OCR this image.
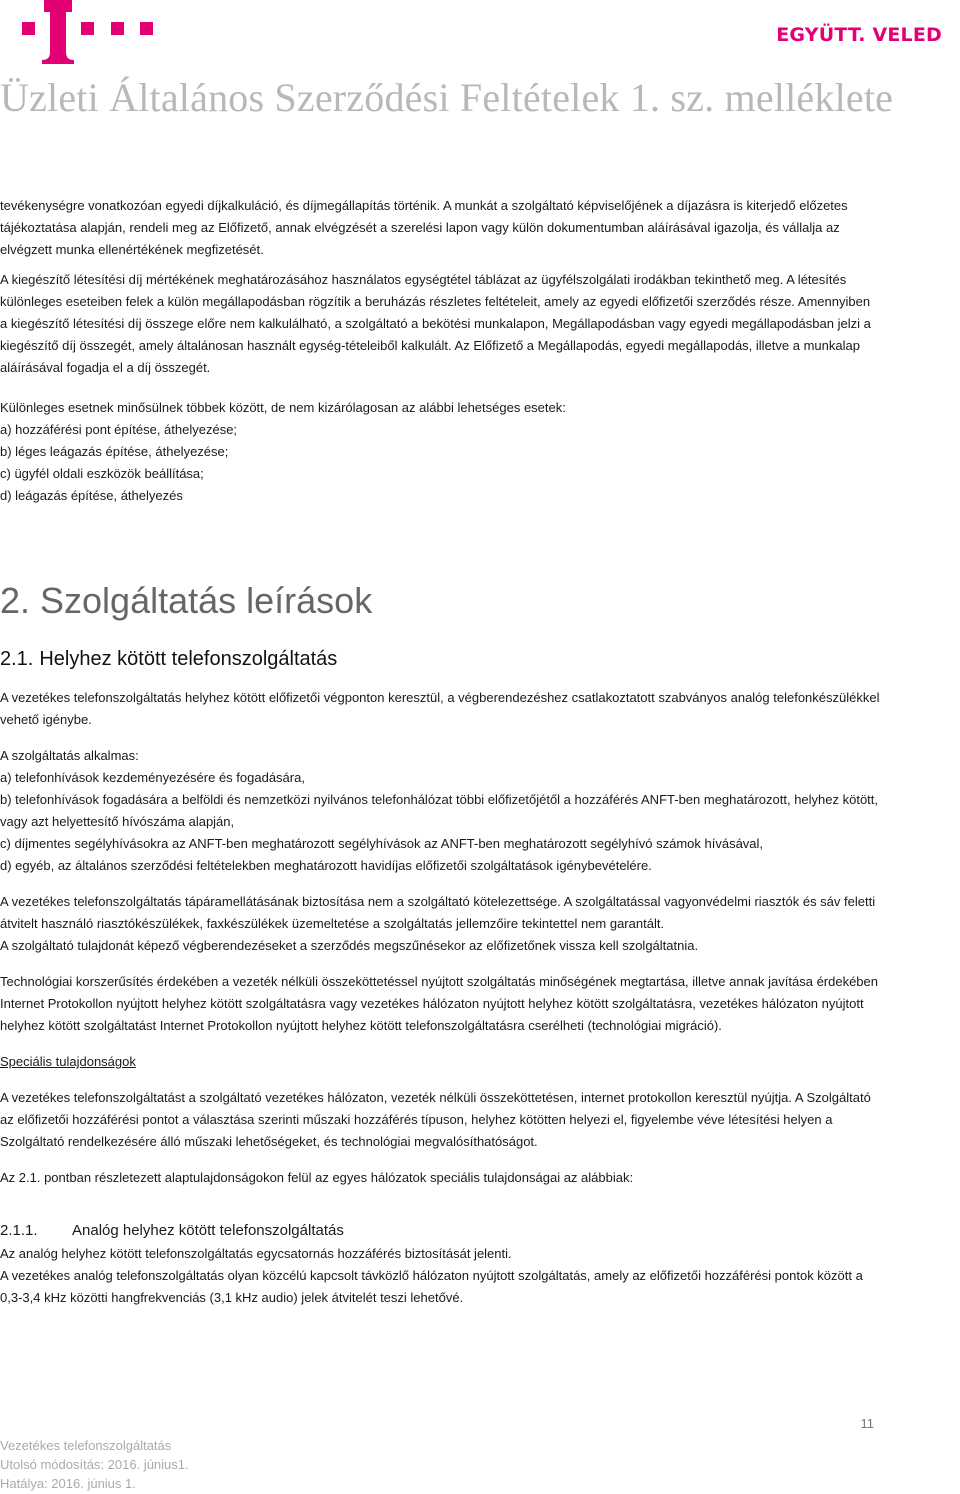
EGYÜTT. VELED
Üzleti Általános Szerződési Feltételek 1. sz. melléklete

tevékenységre vonatkozóan egyedi díjkalkuláció, és díjmegállapítás történik. A munkát a szolgáltató képviselőjének a díjazásra is kiterjedő előzetes tájékoztatása alapján, rendeli meg az Előfizető, annak elvégzését a szerelési lapon vagy külön dokumentumban aláírásával igazolja, és vállalja az elvégzett munka ellenértékének megfizetését.

A kiegészítő létesítési díj mértékének meghatározásához használatos egységtétel táblázat az ügyfélszolgálati irodákban tekinthető meg. A létesítés különleges eseteiben felek a külön megállapodásban rögzítik a beruházás részletes feltételeit, amely az egyedi előfizetői szerződés része. Amennyiben a kiegészítő létesítési díj összege előre nem kalkulálható, a szolgáltató a bekötési munkalapon, Megállapodásban vagy egyedi megállapodásban jelzi a kiegészítő díj összegét, amely általánosan használt egység-tételeiből kalkulált. Az Előfizető a Megállapodás, egyedi megállapodás, illetve a munkalap aláírásával fogadja el a díj összegét.

Különleges esetnek minősülnek többek között, de nem kizárólagosan az alábbi lehetséges esetek:

a) hozzáférési pont építése, áthelyezése;

b) léges leágazás építése, áthelyezése;

c) ügyfél oldali eszközök beállítása;

d) leágazás építése, áthelyezés

2. Szolgáltatás leírások

2.1. Helyhez kötött telefonszolgáltatás

A vezetékes telefonszolgáltatás helyhez kötött előfizetői végponton keresztül, a végberendezéshez csatlakoztatott szabványos analóg telefonkészülékkel vehető igénybe.

A szolgáltatás alkalmas:

a) telefonhívások kezdeményezésére és fogadására,

b) telefonhívások fogadására a belföldi és nemzetközi nyilvános telefonhálózat többi előfizetőjétől a hozzáférés ANFT-ben meghatározott, helyhez kötött, vagy azt helyettesítő hívószáma alapján,

c) díjmentes segélyhívásokra az ANFT-ben meghatározott segélyhívások az ANFT-ben meghatározott segélyhívó számok hívásával,

d) egyéb, az általános szerződési feltételekben meghatározott havidíjas előfizetői szolgáltatások igénybevételére.

A vezetékes telefonszolgáltatás tápáramellátásának biztosítása nem a szolgáltató kötelezettsége. A szolgáltatással vagyonvédelmi riasztók és sáv feletti átvitelt használó riasztókészülékek, faxkészülékek üzemeltetése a szolgáltatás jellemzőire tekintettel nem garantált.

A szolgáltató tulajdonát képező végberendezéseket a szerződés megszűnésekor az előfizetőnek vissza kell szolgáltatnia.

Technológiai korszerűsítés érdekében a vezeték nélküli összeköttetéssel nyújtott szolgáltatás minőségének megtartása, illetve annak javítása érdekében Internet Protokollon nyújtott helyhez kötött szolgáltatásra vagy vezetékes hálózaton nyújtott helyhez kötött szolgáltatásra, vezetékes hálózaton nyújtott helyhez kötött szolgáltatást Internet Protokollon nyújtott helyhez kötött telefonszolgáltatásra cserélheti (technológiai migráció).

Speciális tulajdonságok

A vezetékes telefonszolgáltatást a szolgáltató vezetékes hálózaton, vezeték nélküli összeköttetésen, internet protokollon keresztül nyújtja. A Szolgáltató az előfizetői hozzáférési pontot a választása szerinti műszaki hozzáférés típuson, helyhez kötötten helyezi el, figyelembe véve létesítési helyen a Szolgáltató rendelkezésére álló műszaki lehetőségeket, és technológiai megvalósíthatóságot.

Az 2.1. pontban részletezett alaptulajdonságokon felül az egyes hálózatok speciális tulajdonságai az alábbiak:

2.1.1. Analóg helyhez kötött telefonszolgáltatás

Az analóg helyhez kötött telefonszolgáltatás egycsatornás hozzáférés biztosítását jelenti.

A vezetékes analóg telefonszolgáltatás olyan közcélú kapcsolt távközlő hálózaton nyújtott szolgáltatás, amely az előfizetői hozzáférési pontok között a 0,3-3,4 kHz közötti hangfrekvenciás (3,1 kHz audio) jelek átvitelét teszi lehetővé.

11
Vezetékes telefonszolgáltatás
Utolsó módosítás: 2016. június1.
Hatálya: 2016. június 1.
